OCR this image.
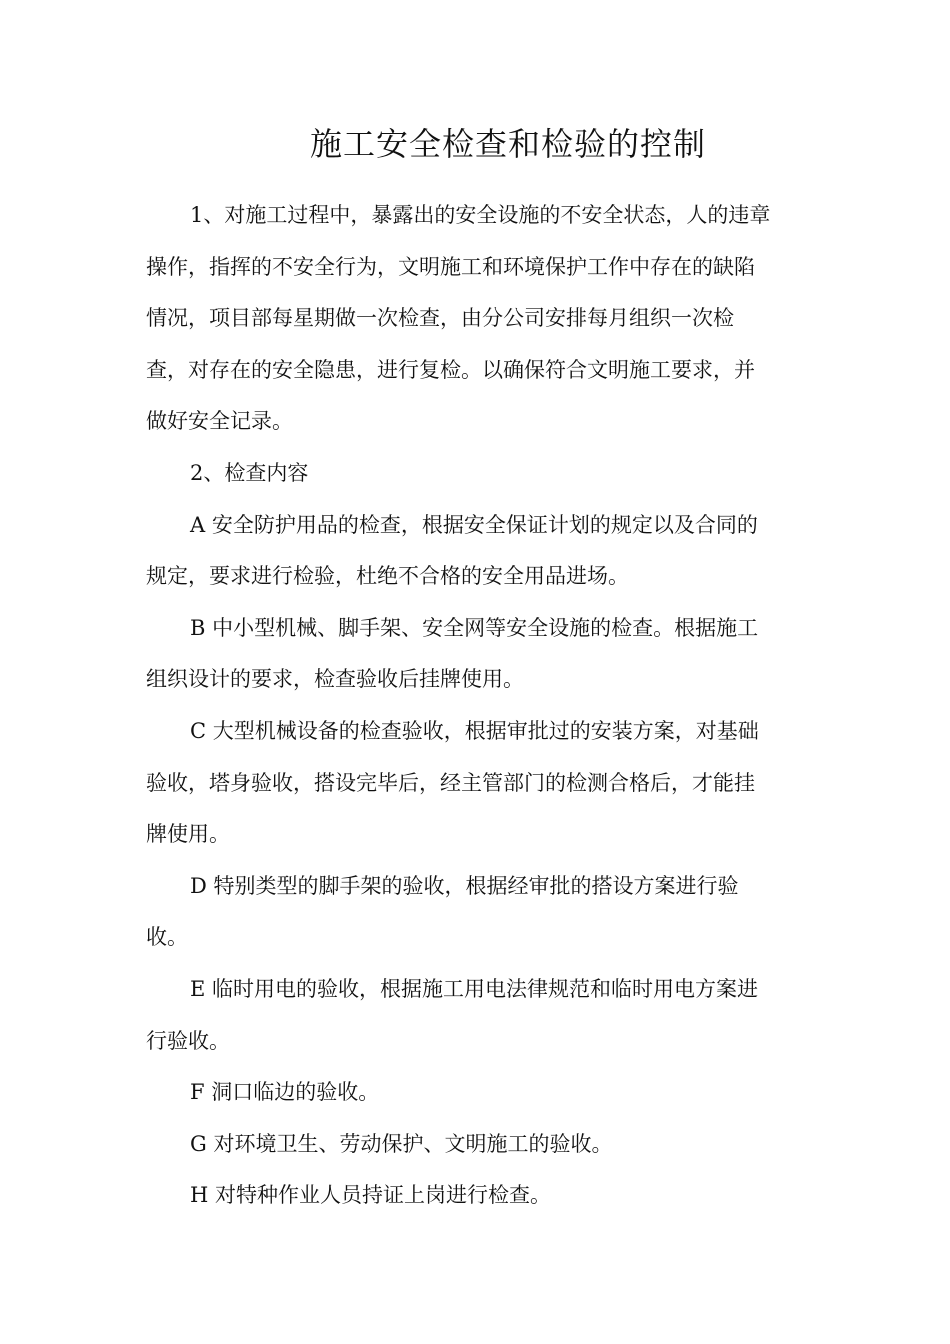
施工安全检查和检验的控制

1、对施工过程中，暴露出的安全设施的不安全状态，人的违章
操作，指挥的不安全行为，文明施工和环境保护工作中存在的缺陷
情况，项目部每星期做一次检查，由分公司安排每月组织一次检
查，对存在的安全隐患，进行复检。以确保符合文明施工要求，并
做好安全记录。

2、检查内容

A 安全防护用品的检查，根据安全保证计划的规定以及合同的
规定，要求进行检验，杜绝不合格的安全用品进场。

B 中小型机械、脚手架、安全网等安全设施的检查。根据施工
组织设计的要求，检查验收后挂牌使用。

C 大型机械设备的检查验收，根据审批过的安装方案，对基础
验收，塔身验收，搭设完毕后，经主管部门的检测合格后，才能挂
牌使用。

D 特别类型的脚手架的验收，根据经审批的搭设方案进行验
收。

E 临时用电的验收，根据施工用电法律规范和临时用电方案进
行验收。

F 洞口临边的验收。

G 对环境卫生、劳动保护、文明施工的验收。

H 对特种作业人员持证上岗进行检查。
